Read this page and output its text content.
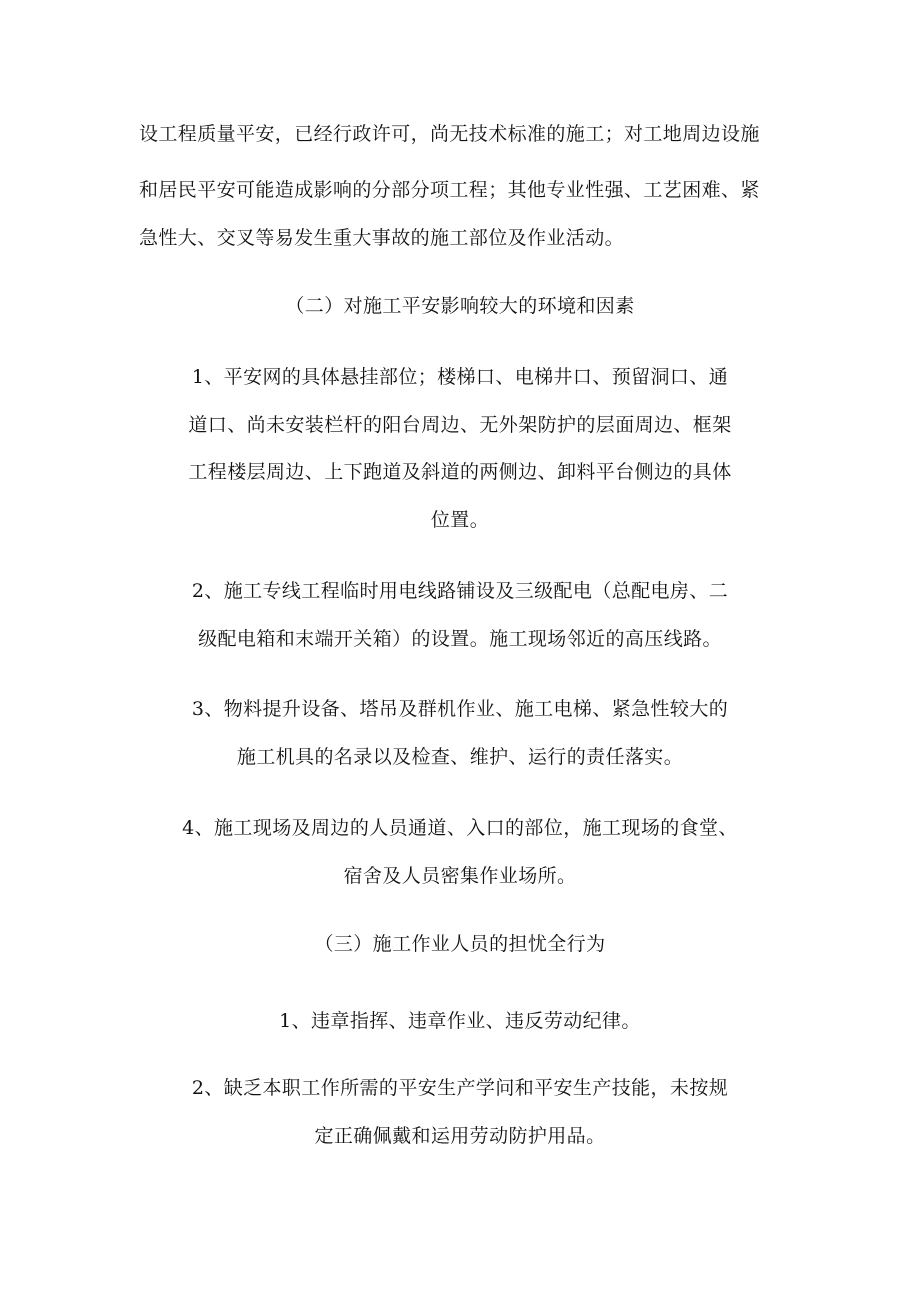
设工程质量平安，已经行政许可，尚无技术标准的施工；对工地周边设施
和居民平安可能造成影响的分部分项工程；其他专业性强、工艺困难、紧
急性大、交叉等易发生重大事故的施工部位及作业活动。
（二）对施工平安影响较大的环境和因素
1、平安网的具体悬挂部位；楼梯口、电梯井口、预留洞口、通
道口、尚未安装栏杆的阳台周边、无外架防护的层面周边、框架
工程楼层周边、上下跑道及斜道的两侧边、卸料平台侧边的具体
位置。
2、施工专线工程临时用电线路铺设及三级配电（总配电房、二
级配电箱和末端开关箱）的设置。施工现场邻近的高压线路。
3、物料提升设备、塔吊及群机作业、施工电梯、紧急性较大的
施工机具的名录以及检查、维护、运行的责任落实。
4、施工现场及周边的人员通道、入口的部位，施工现场的食堂、
宿舍及人员密集作业场所。
（三）施工作业人员的担忧全行为
1、违章指挥、违章作业、违反劳动纪律。
2、缺乏本职工作所需的平安生产学问和平安生产技能，未按规
定正确佩戴和运用劳动防护用品。
